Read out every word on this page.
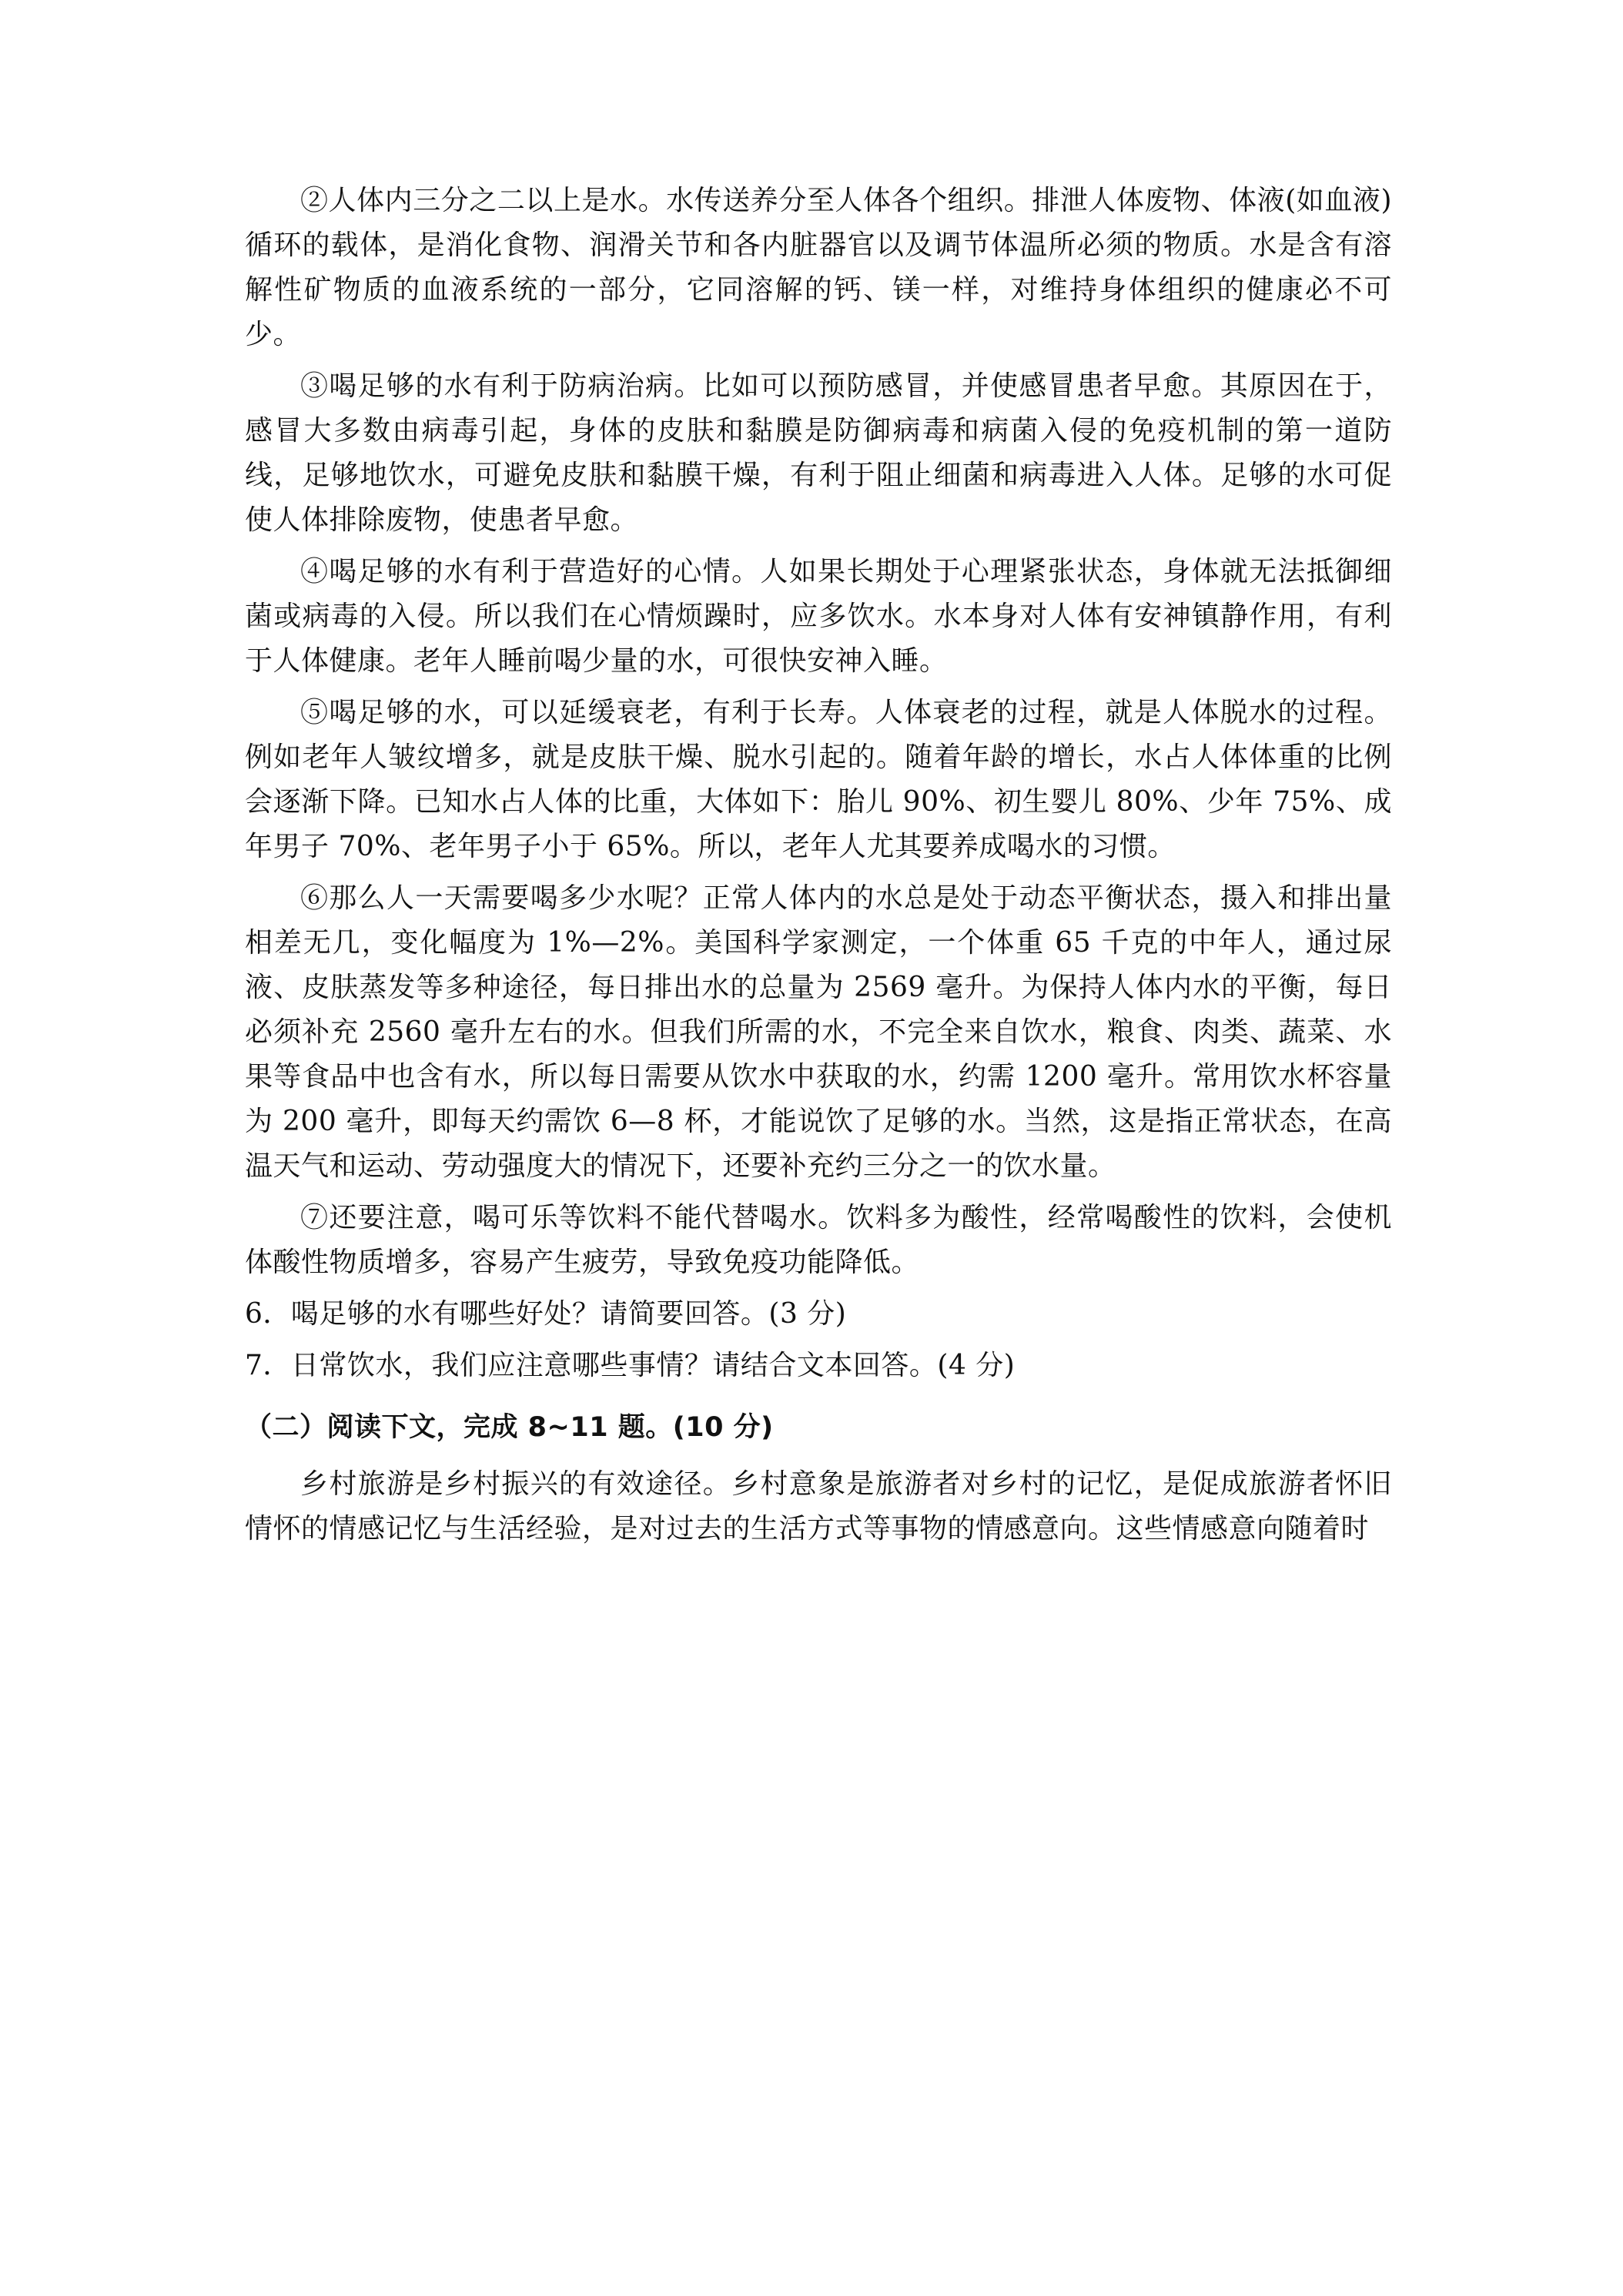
②人体内三分之二以上是水。水传送养分至人体各个组织。排泄人体废物、体液(如血液)循环的载体，是消化食物、润滑关节和各内脏器官以及调节体温所必须的物质。水是含有溶解性矿物质的血液系统的一部分，它同溶解的钙、镁一样，对维持身体组织的健康必不可少。

③喝足够的水有利于防病治病。比如可以预防感冒，并使感冒患者早愈。其原因在于，感冒大多数由病毒引起，身体的皮肤和黏膜是防御病毒和病菌入侵的免疫机制的第一道防线，足够地饮水，可避免皮肤和黏膜干燥，有利于阻止细菌和病毒进入人体。足够的水可促使人体排除废物，使患者早愈。

④喝足够的水有利于营造好的心情。人如果长期处于心理紧张状态，身体就无法抵御细菌或病毒的入侵。所以我们在心情烦躁时，应多饮水。水本身对人体有安神镇静作用，有利于人体健康。老年人睡前喝少量的水，可很快安神入睡。

⑤喝足够的水，可以延缓衰老，有利于长寿。人体衰老的过程，就是人体脱水的过程。例如老年人皱纹增多，就是皮肤干燥、脱水引起的。随着年龄的增长，水占人体体重的比例会逐渐下降。已知水占人体的比重，大体如下：胎儿 90%、初生婴儿 80%、少年 75%、成年男子 70%、老年男子小于 65%。所以，老年人尤其要养成喝水的习惯。

⑥那么人一天需要喝多少水呢？正常人体内的水总是处于动态平衡状态，摄入和排出量相差无几，变化幅度为 1%—2%。美国科学家测定，一个体重 65 千克的中年人，通过尿液、皮肤蒸发等多种途径，每日排出水的总量为 2569 毫升。为保持人体内水的平衡，每日必须补充 2560 毫升左右的水。但我们所需的水，不完全来自饮水，粮食、肉类、蔬菜、水果等食品中也含有水，所以每日需要从饮水中获取的水，约需 1200 毫升。常用饮水杯容量为 200 毫升，即每天约需饮 6—8 杯，才能说饮了足够的水。当然，这是指正常状态，在高温天气和运动、劳动强度大的情况下，还要补充约三分之一的饮水量。

⑦还要注意，喝可乐等饮料不能代替喝水。饮料多为酸性，经常喝酸性的饮料，会使机体酸性物质增多，容易产生疲劳，导致免疫功能降低。

6．喝足够的水有哪些好处？请简要回答。(3 分)

7．日常饮水，我们应注意哪些事情？请结合文本回答。(4 分)

（二）阅读下文，完成 8~11 题。(10 分)

乡村旅游是乡村振兴的有效途径。乡村意象是旅游者对乡村的记忆，是促成旅游者怀旧情怀的情感记忆与生活经验，是对过去的生活方式等事物的情感意向。这些情感意向随着时
